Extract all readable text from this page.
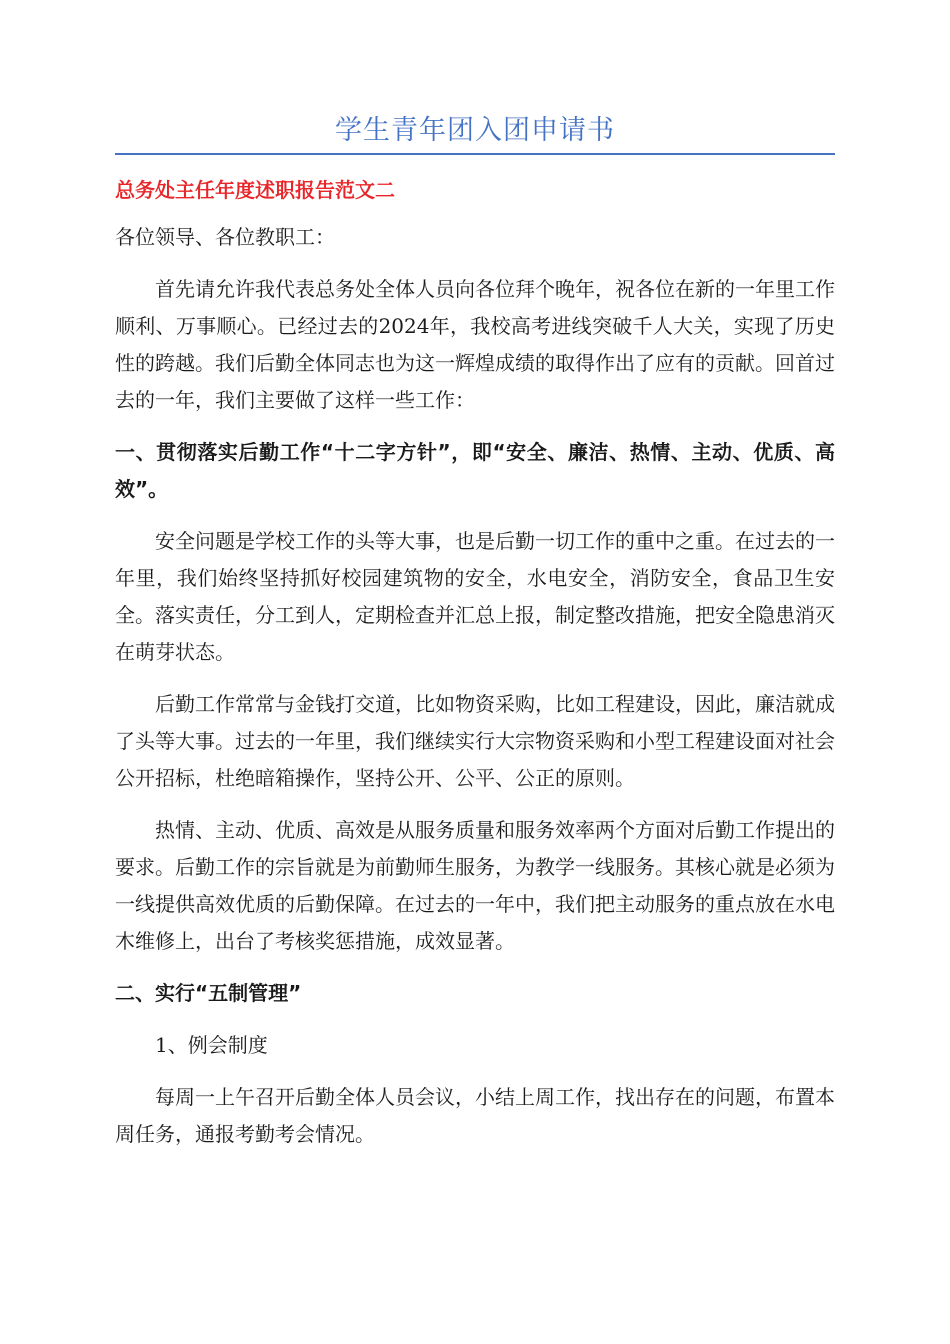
学生青年团入团申请书
总务处主任年度述职报告范文二
各位领导、各位教职工：
首先请允许我代表总务处全体人员向各位拜个晚年，祝各位在新的一年里工作顺利、万事顺心。已经过去的2024年，我校高考进线突破千人大关，实现了历史性的跨越。我们后勤全体同志也为这一辉煌成绩的取得作出了应有的贡献。回首过去的一年，我们主要做了这样一些工作：
一、贯彻落实后勤工作“十二字方针”，即“安全、廉洁、热情、主动、优质、高效”。
安全问题是学校工作的头等大事，也是后勤一切工作的重中之重。在过去的一年里，我们始终坚持抓好校园建筑物的安全，水电安全，消防安全，食品卫生安全。落实责任，分工到人，定期检查并汇总上报，制定整改措施，把安全隐患消灭在萌芽状态。
后勤工作常常与金钱打交道，比如物资采购，比如工程建设，因此，廉洁就成了头等大事。过去的一年里，我们继续实行大宗物资采购和小型工程建设面对社会公开招标，杜绝暗箱操作，坚持公开、公平、公正的原则。
热情、主动、优质、高效是从服务质量和服务效率两个方面对后勤工作提出的要求。后勤工作的宗旨就是为前勤师生服务，为教学一线服务。其核心就是必须为一线提供高效优质的后勤保障。在过去的一年中，我们把主动服务的重点放在水电木维修上，出台了考核奖惩措施，成效显著。
二、实行“五制管理”
1、例会制度
每周一上午召开后勤全体人员会议，小结上周工作，找出存在的问题，布置本周任务，通报考勤考会情况。
